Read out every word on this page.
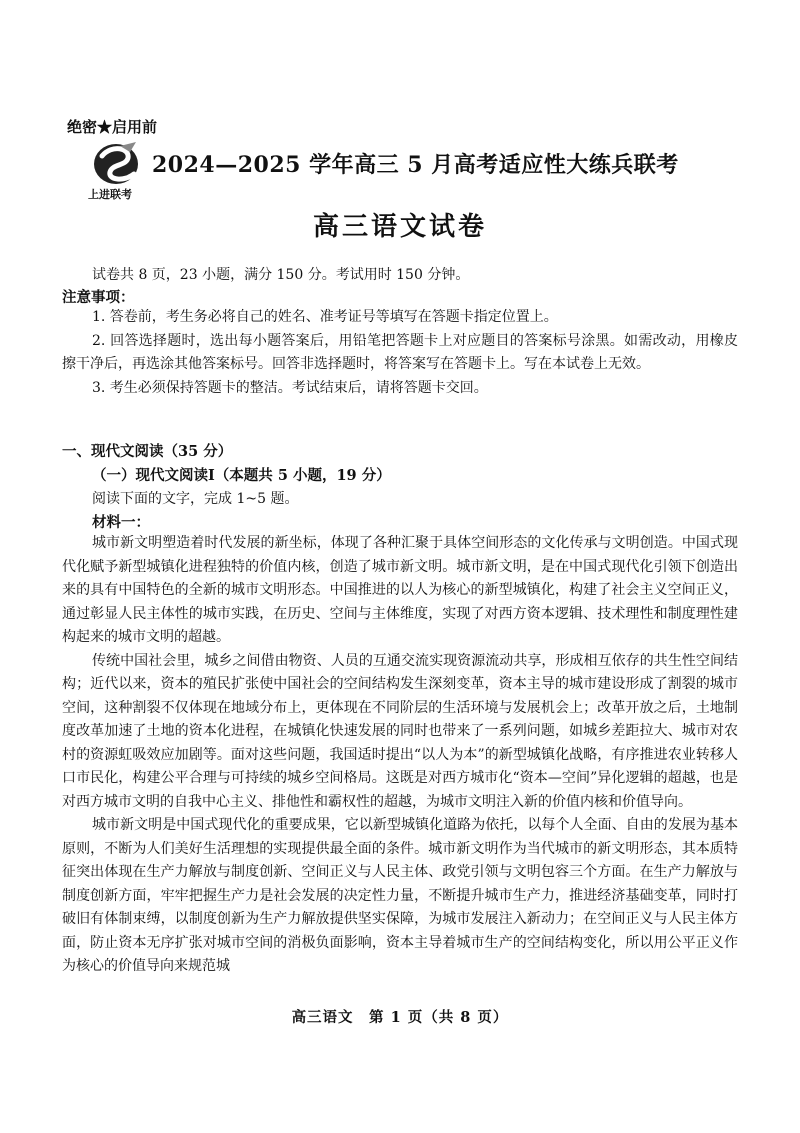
绝密★启用前
上进联考
2024—2025 学年高三 5 月高考适应性大练兵联考
高三语文试卷
试卷共 8 页，23 小题，满分 150 分。考试用时 150 分钟。
注意事项：

1. 答卷前，考生务必将自己的姓名、准考证号等填写在答题卡指定位置上。

2. 回答选择题时，选出每小题答案后，用铅笔把答题卡上对应题目的答案标号涂黑。如需改动，用橡皮擦干净后，再选涂其他答案标号。回答非选择题时，将答案写在答题卡上。写在本试卷上无效。

3. 考生必须保持答题卡的整洁。考试结束后，请将答题卡交回。

一、现代文阅读（35 分）
（一）现代文阅读Ⅰ（本题共 5 小题，19 分）
阅读下面的文字，完成 1~5 题。
材料一：

城市新文明塑造着时代发展的新坐标，体现了各种汇聚于具体空间形态的文化传承与文明创造。中国式现代化赋予新型城镇化进程独特的价值内核，创造了城市新文明。城市新文明，是在中国式现代化引领下创造出来的具有中国特色的全新的城市文明形态。中国推进的以人为核心的新型城镇化，构建了社会主义空间正义，通过彰显人民主体性的城市实践，在历史、空间与主体维度，实现了对西方资本逻辑、技术理性和制度理性建构起来的城市文明的超越。

传统中国社会里，城乡之间借由物资、人员的互通交流实现资源流动共享，形成相互依存的共生性空间结构；近代以来，资本的殖民扩张使中国社会的空间结构发生深刻变革，资本主导的城市建设形成了割裂的城市空间，这种割裂不仅体现在地域分布上，更体现在不同阶层的生活环境与发展机会上；改革开放之后，土地制度改革加速了土地的资本化进程，在城镇化快速发展的同时也带来了一系列问题，如城乡差距拉大、城市对农村的资源虹吸效应加剧等。面对这些问题，我国适时提出“以人为本”的新型城镇化战略，有序推进农业转移人口市民化，构建公平合理与可持续的城乡空间格局。这既是对西方城市化“资本—空间”异化逻辑的超越，也是对西方城市文明的自我中心主义、排他性和霸权性的超越，为城市文明注入新的价值内核和价值导向。

城市新文明是中国式现代化的重要成果，它以新型城镇化道路为依托，以每个人全面、自由的发展为基本原则，不断为人们美好生活理想的实现提供最全面的条件。城市新文明作为当代城市的新文明形态，其本质特征突出体现在生产力解放与制度创新、空间正义与人民主体、政党引领与文明包容三个方面。在生产力解放与制度创新方面，牢牢把握生产力是社会发展的决定性力量，不断提升城市生产力，推进经济基础变革，同时打破旧有体制束缚，以制度创新为生产力解放提供坚实保障，为城市发展注入新动力；在空间正义与人民主体方面，防止资本无序扩张对城市空间的消极负面影响，资本主导着城市生产的空间结构变化，所以用公平正义作为核心的价值导向来规范城

高三语文　第 1 页（共 8 页）
